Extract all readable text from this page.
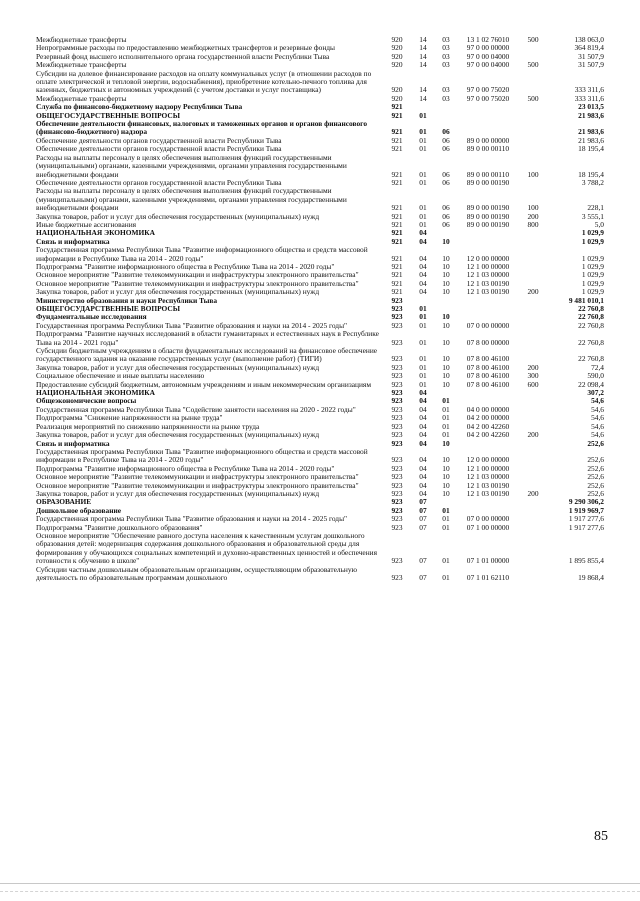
Межбюджетные трансферты	920	14	03	13 1 02 76010	500	138 063,0
Непрограммные расходы по предоставлению межбюджетных трансфертов и резервные фонды	920	14	03	97 0 00 00000		364 819,4
Резервный фонд высшего исполнительного органа государственной власти Республики Тыва	920	14	03	97 0 00 04000		31 507,9
Межбюджетные трансферты	920	14	03	97 0 00 04000	500	31 507,9
Субсидии на долевое финансирование расходов на оплату коммунальных услуг (в отношении расходов по оплате электрической и тепловой энергии, водоснабжения), приобретение котельно-печного топлива для казенных, бюджетных и автономных учреждений (с учетом доставки и услуг поставщика)	920	14	03	97 0 00 75020		333 311,6
Межбюджетные трансферты	920	14	03	97 0 00 75020	500	333 311,6
Служба по финансово-бюджетному надзору Республики Тыва	921					23 013,5
ОБЩЕГОСУДАРСТВЕННЫЕ ВОПРОСЫ	921	01				21 983,6
Обеспечение деятельности финансовых, налоговых и таможенных органов и органов финансового (финансово-бюджетного) надзора	921	01	06			21 983,6
Обеспечение деятельности органов государственной власти Республики Тыва	921	01	06	89 0 00 00000		21 983,6
Обеспечение деятельности органов государственной власти Республики Тыва	921	01	06	89 0 00 00110		18 195,4
Расходы на выплаты персоналу в целях обеспечения выполнения функций государственными (муниципальными) органами, казенными учреждениями, органами управления государственными внебюджетными фондами	921	01	06	89 0 00 00110	100	18 195,4
Обеспечение деятельности органов государственной власти Республики Тыва	921	01	06	89 0 00 00190		3 788,2
Расходы на выплаты персоналу в целях обеспечения выполнения функций государственными (муниципальными) органами, казенными учреждениями, органами управления государственными внебюджетными фондами	921	01	06	89 0 00 00190	100	228,1
Закупка товаров, работ и услуг для обеспечения государственных (муниципальных) нужд	921	01	06	89 0 00 00190	200	3 555,1
Иные бюджетные ассигнования	921	01	06	89 0 00 00190	800	5,0
НАЦИОНАЛЬНАЯ ЭКОНОМИКА	921	04				1 029,9
Связь и информатика	921	04	10			1 029,9
Государственная программа Республики Тыва "Развитие информационного общества и средств массовой информации в Республике Тыва на 2014 - 2020 годы"	921	04	10	12 0 00 00000		1 029,9
Подпрограмма "Развитие информационного общества в Республике Тыва на 2014 - 2020 годы"	921	04	10	12 1 00 00000		1 029,9
Основное мероприятие "Развитие телекоммуникации и инфраструктуры электронного правительства"	921	04	10	12 1 03 00000		1 029,9
Основное мероприятие "Развитие телекоммуникации и инфраструктуры электронного правительства"	921	04	10	12 1 03 00190		1 029,9
Закупка товаров, работ и услуг для обеспечения государственных (муниципальных) нужд	921	04	10	12 1 03 00190	200	1 029,9
Министерство образования и науки Республики Тыва	923					9 481 010,1
ОБЩЕГОСУДАРСТВЕННЫЕ ВОПРОСЫ	923	01				22 760,8
Фундаментальные исследования	923	01	10			22 760,8
Государственная программа Республики Тыва "Развитие образования и науки на 2014 - 2025 годы"	923	01	10	07 0 00 00000		22 760,8
Подпрограмма "Развитие научных исследований в области гуманитарных и естественных наук в Республике Тыва на 2014 - 2021 годы"	923	01	10	07 8 00 00000		22 760,8
Субсидии бюджетным учреждениям в области фундаментальных исследований на финансовое обеспечение государственного задания на оказание государственных услуг (выполнение работ) (ТИГИ)	923	01	10	07 8 00 46100		22 760,8
Закупка товаров, работ и услуг для обеспечения государственных (муниципальных) нужд	923	01	10	07 8 00 46100	200	72,4
Социальное обеспечение и иные выплаты населению	923	01	10	07 8 00 46100	300	590,0
Предоставление субсидий бюджетным, автономным учреждениям и иным некоммерческим организациям	923	01	10	07 8 00 46100	600	22 098,4
НАЦИОНАЛЬНАЯ ЭКОНОМИКА	923	04				307,2
Общеэкономические вопросы	923	04	01			54,6
Государственная программа Республики Тыва "Содействие занятости населения на 2020 - 2022 годы"	923	04	01	04 0 00 00000		54,6
Подпрограмма "Снижение напряженности на рынке труда"	923	04	01	04 2 00 00000		54,6
Реализация мероприятий по снижению напряженности на рынке труда	923	04	01	04 2 00 42260		54,6
Закупка товаров, работ и услуг для обеспечения государственных (муниципальных) нужд	923	04	01	04 2 00 42260	200	54,6
Связь и информатика	923	04	10			252,6
Государственная программа Республики Тыва "Развитие информационного общества и средств массовой информации в Республике Тыва на 2014 - 2020 годы"	923	04	10	12 0 00 00000		252,6
Подпрограмма "Развитие информационного общества в Республике Тыва на 2014 - 2020 годы"	923	04	10	12 1 00 00000		252,6
Основное мероприятие "Развитие телекоммуникации и инфраструктуры электронного правительства"	923	04	10	12 1 03 00000		252,6
Основное мероприятие "Развитие телекоммуникации и инфраструктуры электронного правительства"	923	04	10	12 1 03 00190		252,6
Закупка товаров, работ и услуг для обеспечения государственных (муниципальных) нужд	923	04	10	12 1 03 00190	200	252,6
ОБРАЗОВАНИЕ	923	07				9 290 306,2
Дошкольное образование	923	07	01			1 919 969,7
Государственная программа Республики Тыва "Развитие образования и науки на 2014 - 2025 годы"	923	07	01	07 0 00 00000		1 917 277,6
Подпрограмма "Развитие дошкольного образования"	923	07	01	07 1 00 00000		1 917 277,6
Основное мероприятие "Обеспечение равного доступа населения к качественным услугам дошкольного образования детей: модернизация содержания дошкольного образования и образовательной среды для формирования у обучающихся социальных компетенций и духовно-нравственных ценностей и обеспечения готовности к обучению в школе"	923	07	01	07 1 01 00000		1 895 855,4
Субсидии частным дошкольным образовательным организациям, осуществляющим образовательную деятельность по образовательным программам дошкольного	923	07	01	07 1 01 62110		19 868,4
85
